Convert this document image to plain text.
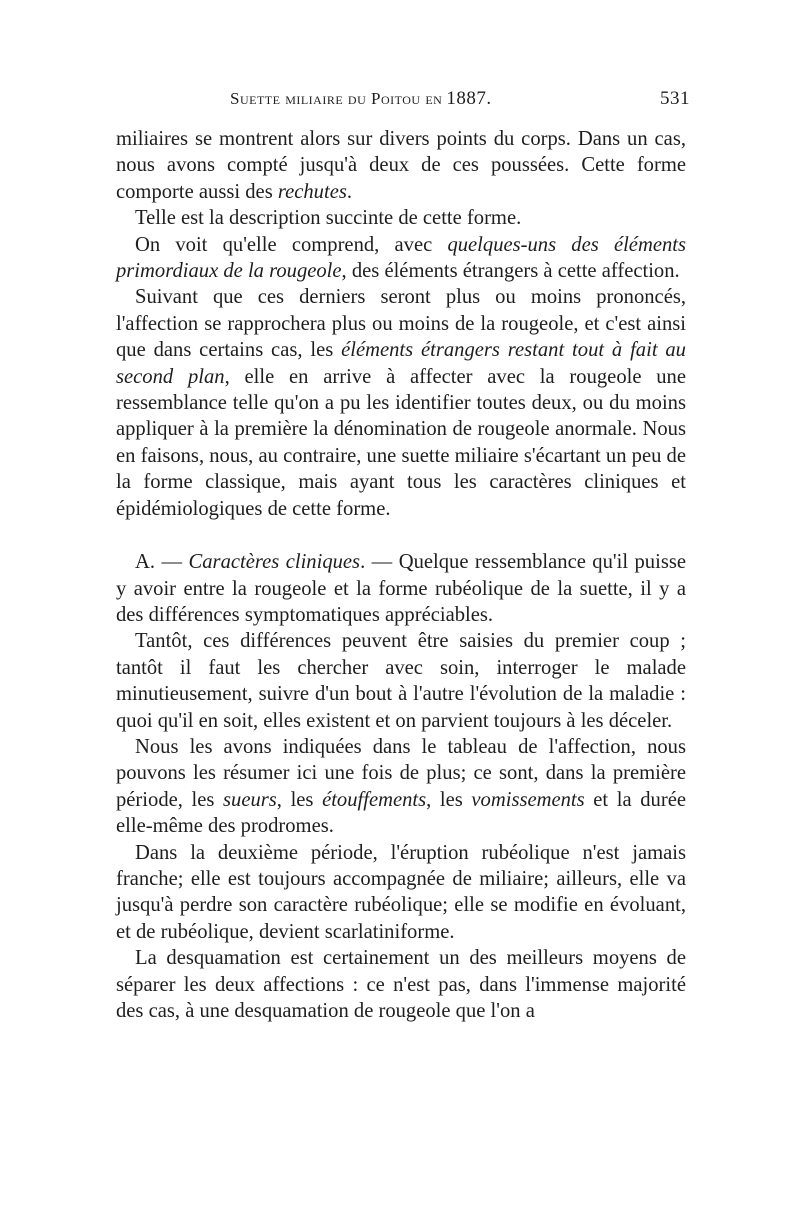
Suette miliaire du Poitou en 1887.	531

miliaires se montrent alors sur divers points du corps. Dans un cas, nous avons compté jusqu'à deux de ces poussées. Cette forme comporte aussi des rechutes.

Telle est la description succinte de cette forme.

On voit qu'elle comprend, avec quelques-uns des éléments primordiaux de la rougeole, des éléments étrangers à cette affection.

Suivant que ces derniers seront plus ou moins prononcés, l'affection se rapprochera plus ou moins de la rougeole, et c'est ainsi que dans certains cas, les éléments étrangers restant tout à fait au second plan, elle en arrive à affecter avec la rougeole une ressemblance telle qu'on a pu les identifier toutes deux, ou du moins appliquer à la première la dénomination de rougeole anormale. Nous en faisons, nous, au contraire, une suette miliaire s'écartant un peu de la forme classique, mais ayant tous les caractères cliniques et épidémiologiques de cette forme.

A. — Caractères cliniques. — Quelque ressemblance qu'il puisse y avoir entre la rougeole et la forme rubéolique de la suette, il y a des différences symptomatiques appréciables.

Tantôt, ces différences peuvent être saisies du premier coup ; tantôt il faut les chercher avec soin, interroger le malade minutieusement, suivre d'un bout à l'autre l'évolution de la maladie : quoi qu'il en soit, elles existent et on parvient toujours à les déceler.

Nous les avons indiquées dans le tableau de l'affection, nous pouvons les résumer ici une fois de plus; ce sont, dans la première période, les sueurs, les étouffements, les vomissements et la durée elle-même des prodromes.

Dans la deuxième période, l'éruption rubéolique n'est jamais franche; elle est toujours accompagnée de miliaire; ailleurs, elle va jusqu'à perdre son caractère rubéolique; elle se modifie en évoluant, et de rubéolique, devient scarlatiniforme.

La desquamation est certainement un des meilleurs moyens de séparer les deux affections : ce n'est pas, dans l'immense majorité des cas, à une desquamation de rougeole que l'on a
